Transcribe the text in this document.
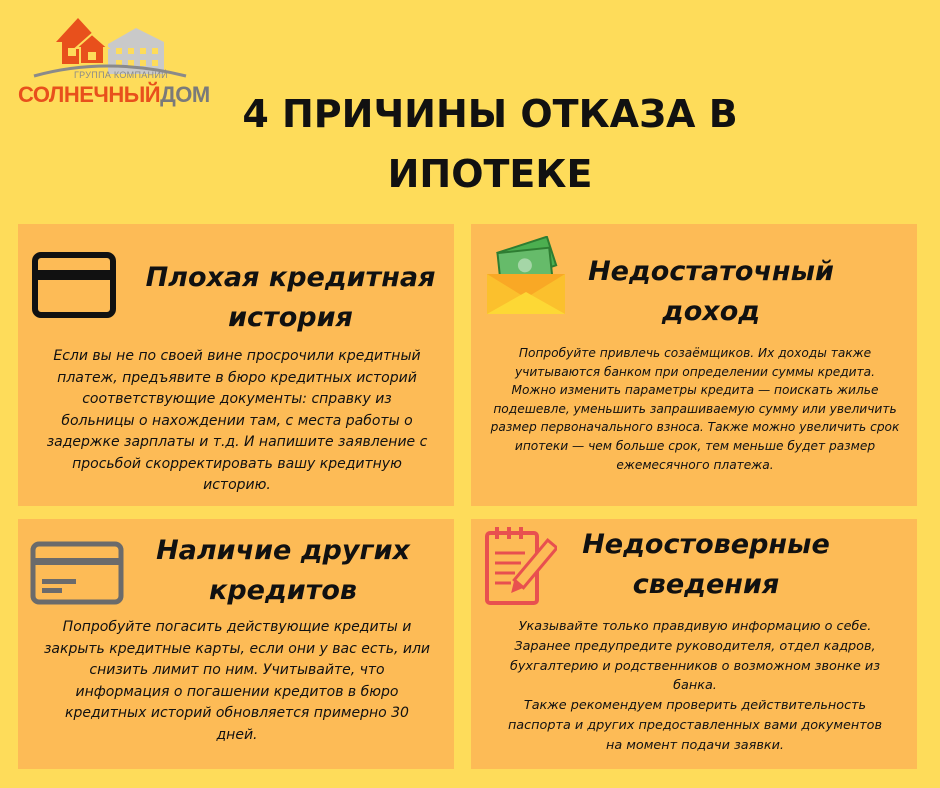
ГРУППА КОМПАНИЙ
СОЛНЕЧНЫЙДОМ 4 ПРИЧИНЫ ОТКАЗА В
ИПОТЕКЕ
Плохая кредитная
история

Если вы не по своей вине просрочили кредитный
платеж, предъявите в бюро кредитных историй
соответствующие документы: справку из
больницы о нахождении там, с места работы о
задержке зарплаты и т.д. И напишите заявление с
просьбой скорректировать вашу кредитную
историю.

Недостаточный
доход

Попробуйте привлечь созаёмщиков. Их доходы также
учитываются банком при определении суммы кредита.
Можно изменить параметры кредита — поискать жилье
подешевле, уменьшить запрашиваемую сумму или увеличить
размер первоначального взноса. Также можно увеличить срок
ипотеки — чем больше срок, тем меньше будет размер
ежемесячного платежа.

Наличие других
кредитов

Попробуйте погасить действующие кредиты и
закрыть кредитные карты, если они у вас есть, или
снизить лимит по ним. Учитывайте, что
информация о погашении кредитов в бюро
кредитных историй обновляется примерно 30
дней.

Недостоверные
сведения

Указывайте только правдивую информацию о себе.
Заранее предупредите руководителя, отдел кадров,
бухгалтерию и родственников о возможном звонке из
банка.
Также рекомендуем проверить действительность
паспорта и других предоставленных вами документов
на момент подачи заявки.
